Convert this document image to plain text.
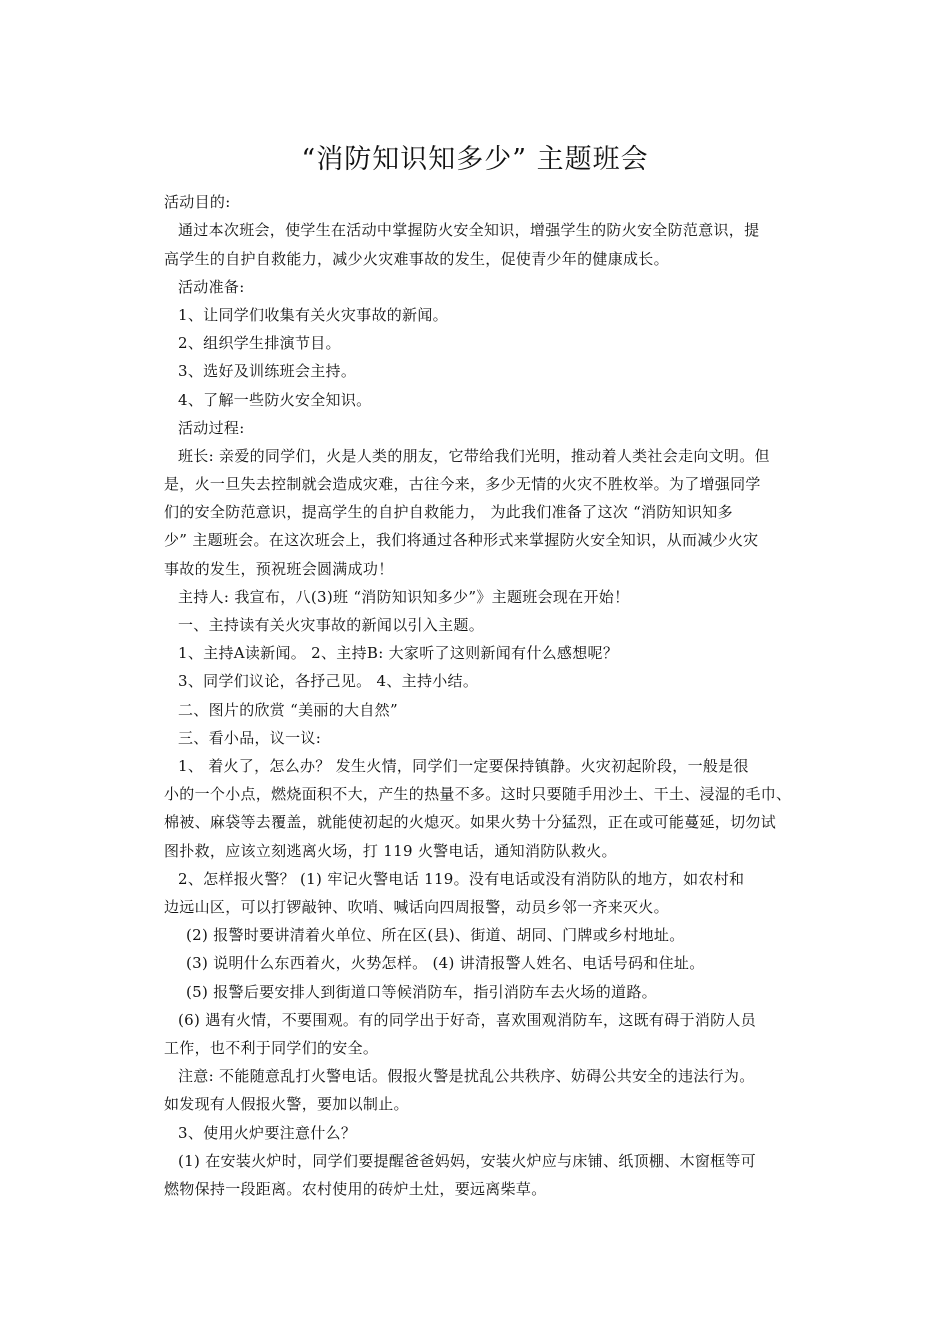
“消防知识知多少” 主题班会
活动目的:
通过本次班会，使学生在活动中掌握防火安全知识，增强学生的防火安全防范意识，提
高学生的自护自救能力，减少火灾难事故的发生，促使青少年的健康成长。
活动准备:
1、让同学们收集有关火灾事故的新闻。
2、组织学生排演节目。
3、选好及训练班会主持。
4、了解一些防火安全知识。
活动过程:
班长: 亲爱的同学们，火是人类的朋友，它带给我们光明，推动着人类社会走向文明。但
是，火一旦失去控制就会造成灾难，古往今来，多少无情的火灾不胜枚举。为了增强同学
们的安全防范意识，提高学生的自护自救能力， 为此我们准备了这次 “消防知识知多
少” 主题班会。在这次班会上，我们将通过各种形式来掌握防火安全知识，从而减少火灾
事故的发生，预祝班会圆满成功！
主持人: 我宣布，八(3)班 “消防知识知多少”》主题班会现在开始！
一、主持读有关火灾事故的新闻以引入主题。
1、主持A读新闻。 2、主持B: 大家听了这则新闻有什么感想呢？
3、同学们议论，各抒己见。 4、主持小结。
二、图片的欣赏 “美丽的大自然”
三、看小品，议一议:
1、 着火了，怎么办？ 发生火情，同学们一定要保持镇静。火灾初起阶段，一般是很
小的一个小点，燃烧面积不大，产生的热量不多。这时只要随手用沙土、干土、浸湿的毛巾、
棉被、麻袋等去覆盖，就能使初起的火熄灭。如果火势十分猛烈，正在或可能蔓延，切勿试
图扑救，应该立刻逃离火场，打 119 火警电话，通知消防队救火。
2、怎样报火警？ (1) 牢记火警电话 119。没有电话或没有消防队的地方，如农村和
边远山区，可以打锣敲钟、吹哨、喊话向四周报警，动员乡邻一齐来灭火。
(2) 报警时要讲清着火单位、所在区(县)、街道、胡同、门牌或乡村地址。
(3) 说明什么东西着火，火势怎样。 (4) 讲清报警人姓名、电话号码和住址。
(5) 报警后要安排人到街道口等候消防车，指引消防车去火场的道路。
(6) 遇有火情，不要围观。有的同学出于好奇，喜欢围观消防车，这既有碍于消防人员
工作，也不利于同学们的安全。
注意: 不能随意乱打火警电话。假报火警是扰乱公共秩序、妨碍公共安全的违法行为。
如发现有人假报火警，要加以制止。
3、使用火炉要注意什么？
(1) 在安装火炉时，同学们要提醒爸爸妈妈，安装火炉应与床铺、纸顶棚、木窗框等可
燃物保持一段距离。农村使用的砖炉土灶，要远离柴草。
